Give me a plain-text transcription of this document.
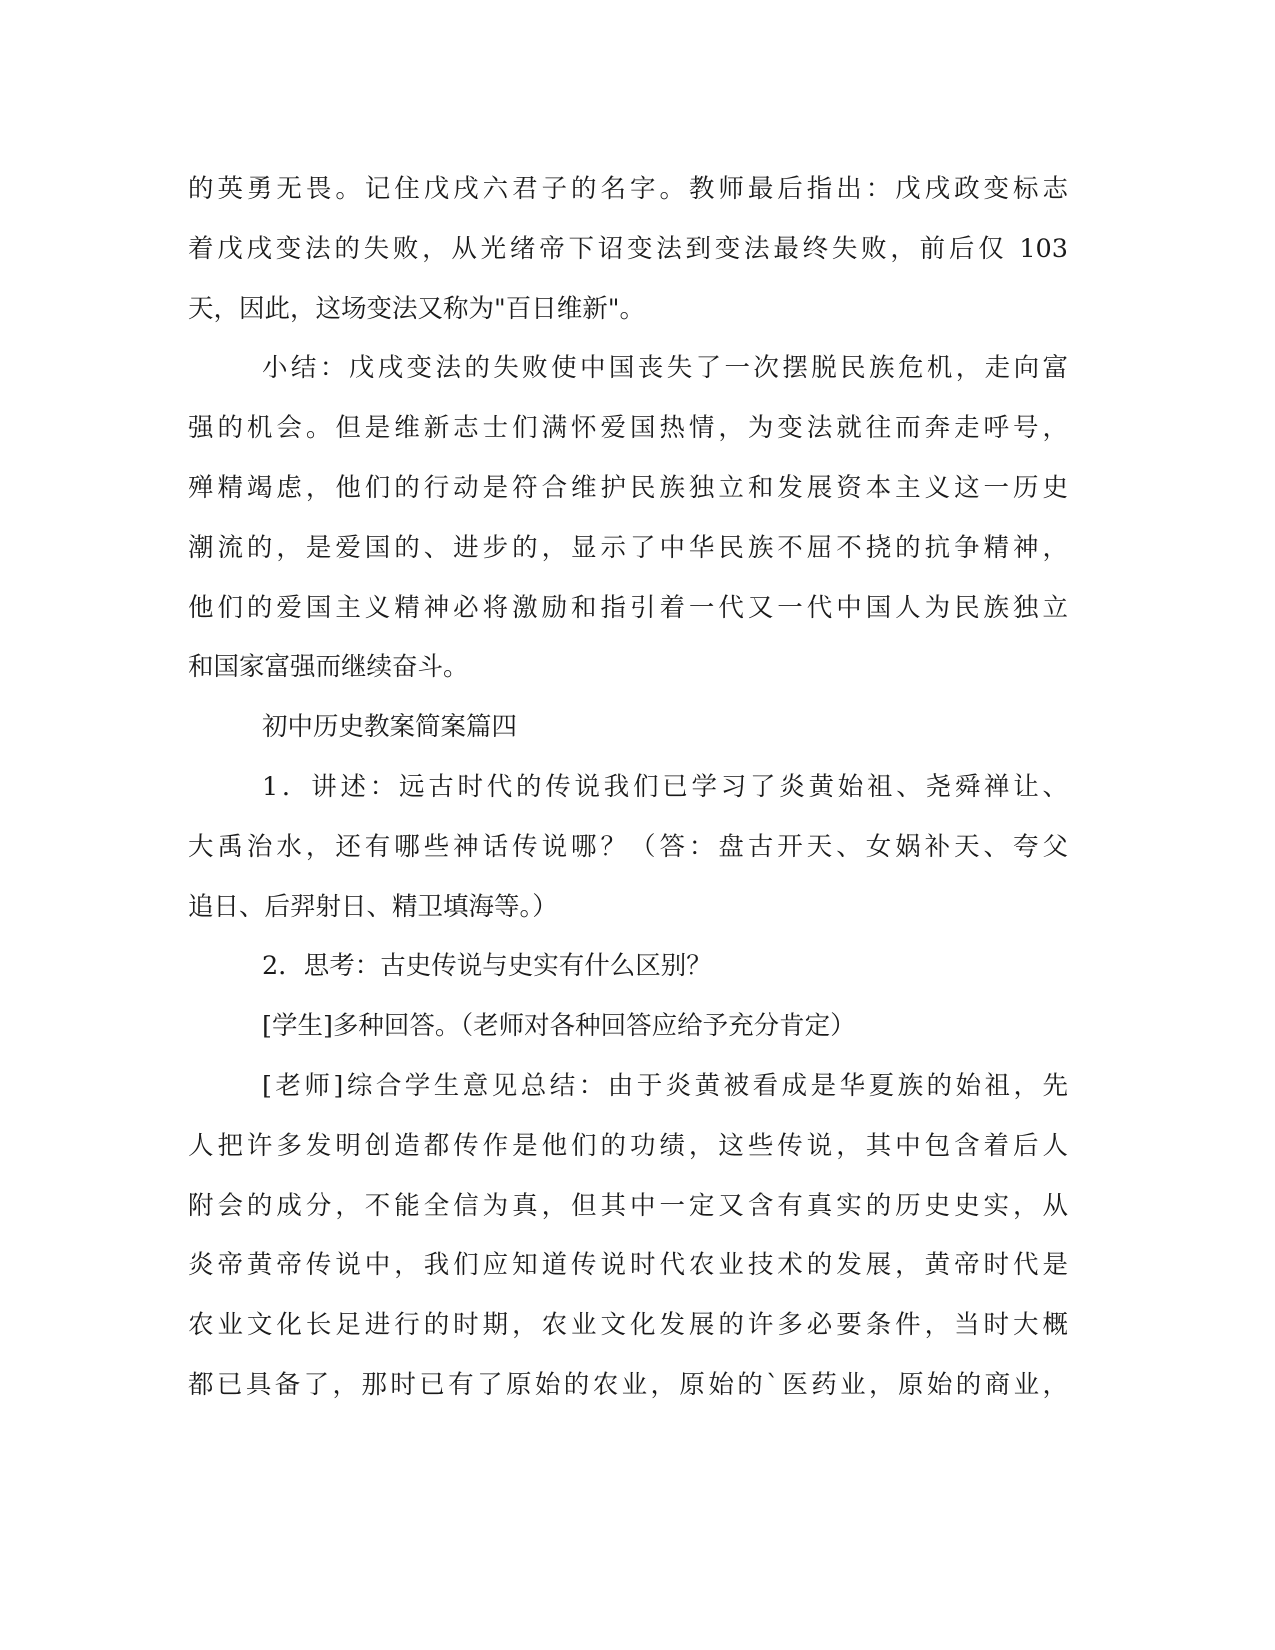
的英勇无畏。记住戊戌六君子的名字。教师最后指出：戊戌政变标志
着戊戌变法的失败，从光绪帝下诏变法到变法最终失败，前后仅 103
天，因此，这场变法又称为"百日维新"。
小结：戊戌变法的失败使中国丧失了一次摆脱民族危机，走向富
强的机会。但是维新志士们满怀爱国热情，为变法就往而奔走呼号，
殚精竭虑，他们的行动是符合维护民族独立和发展资本主义这一历史
潮流的，是爱国的、进步的，显示了中华民族不屈不挠的抗争精神，
他们的爱国主义精神必将激励和指引着一代又一代中国人为民族独立
和国家富强而继续奋斗。
初中历史教案简案篇四
1．讲述：远古时代的传说我们已学习了炎黄始祖、尧舜禅让、
大禹治水，还有哪些神话传说哪？（答：盘古开天、女娲补天、夸父
追日、后羿射日、精卫填海等。）
2．思考：古史传说与史实有什么区别？
[学生]多种回答。（老师对各种回答应给予充分肯定）
[老师]综合学生意见总结：由于炎黄被看成是华夏族的始祖，先
人把许多发明创造都传作是他们的功绩，这些传说，其中包含着后人
附会的成分，不能全信为真，但其中一定又含有真实的历史史实，从
炎帝黄帝传说中，我们应知道传说时代农业技术的发展，黄帝时代是
农业文化长足进行的时期，农业文化发展的许多必要条件，当时大概
都已具备了，那时已有了原始的农业，原始的`医药业，原始的商业，
